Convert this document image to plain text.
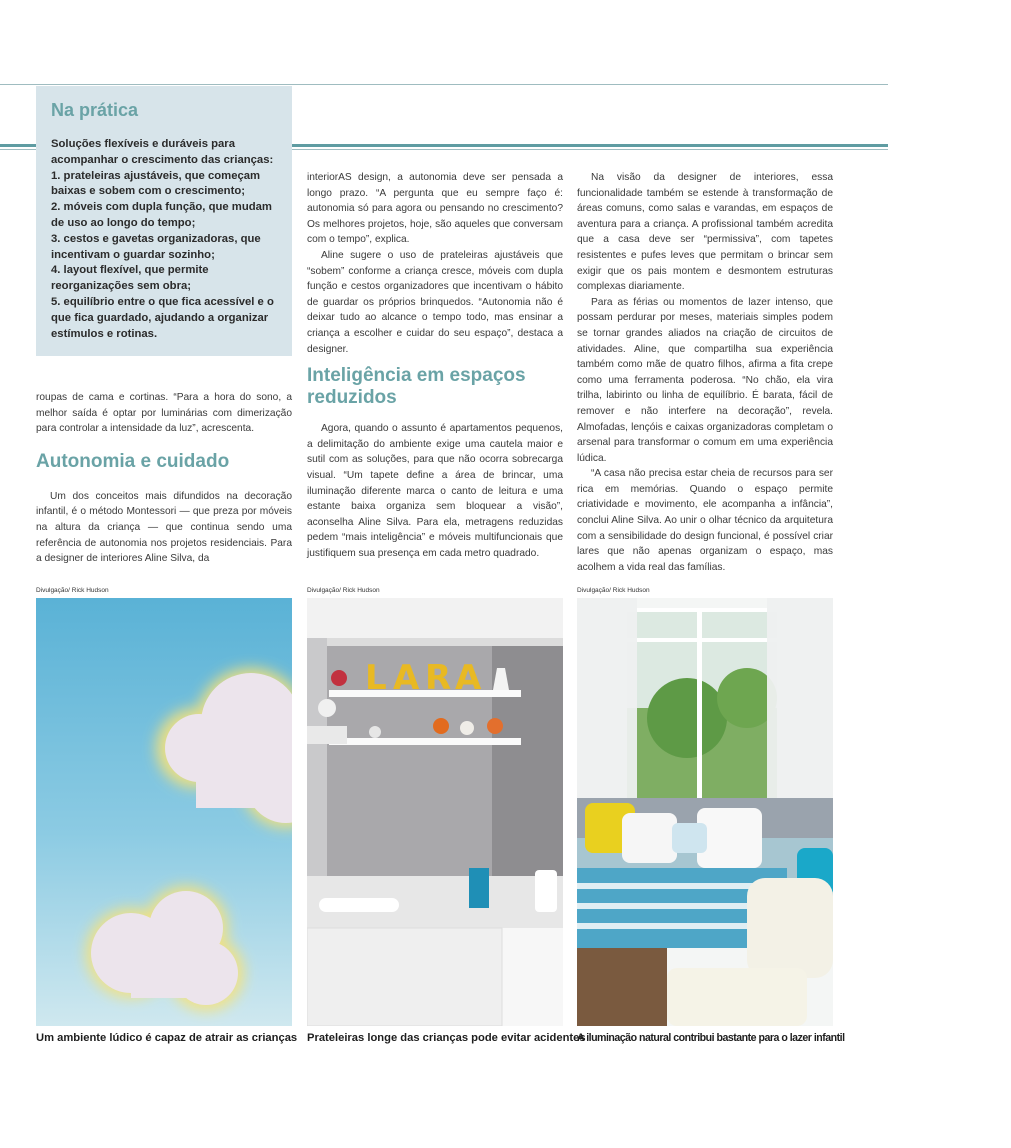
Na prática

Soluções flexíveis e duráveis para acompanhar o crescimento das crianças:

1. prateleiras ajustáveis, que começam baixas e sobem com o crescimento;
2. móveis com dupla função, que mudam de uso ao longo do tempo;
3. cestos e gavetas organizadoras, que incentivam o guardar sozinho;
4. layout flexível, que permite reorganizações sem obra;
5. equilíbrio entre o que fica acessível e o que fica guardado, ajudando a organizar estímulos e rotinas.

roupas de cama e cortinas. “Para a hora do sono, a melhor saída é optar por luminárias com dimerização para controlar a intensidade da luz”, acrescenta.

Autonomia e cuidado

Um dos conceitos mais difundidos na decoração infantil, é o método Montessori — que preza por móveis na altura da criança — que continua sendo uma referência de autonomia nos projetos residenciais. Para a designer de interiores Aline Silva, da

interiorAS design, a autonomia deve ser pensada a longo prazo. “A pergunta que eu sempre faço é: autonomia só para agora ou pensando no crescimento? Os melhores projetos, hoje, são aqueles que conversam com o tempo”, explica.

Aline sugere o uso de prateleiras ajustáveis que “sobem” conforme a criança cresce, móveis com dupla função e cestos organizadores que incentivam o hábito de guardar os próprios brinquedos. “Autonomia não é deixar tudo ao alcance o tempo todo, mas ensinar a criança a escolher e cuidar do seu espaço”, destaca a designer.

Inteligência em espaços reduzidos

Agora, quando o assunto é apartamentos pequenos, a delimitação do ambiente exige uma cautela maior e sutil com as soluções, para que não ocorra sobrecarga visual. “Um tapete define a área de brincar, uma iluminação diferente marca o canto de leitura e uma estante baixa organiza sem bloquear a visão”, aconselha Aline Silva. Para ela, metragens reduzidas pedem “mais inteligência” e móveis multifuncionais que justifiquem sua presença em cada metro quadrado.

Na visão da designer de interiores, essa funcionalidade também se estende à transformação de áreas comuns, como salas e varandas, em espaços de aventura para a criança. A profissional também acredita que a casa deve ser “permissiva”, com tapetes resistentes e pufes leves que permitam o brincar sem exigir que os pais montem e desmontem estruturas complexas diariamente.

Para as férias ou momentos de lazer intenso, que possam perdurar por meses, materiais simples podem se tornar grandes aliados na criação de circuitos de atividades. Aline, que compartilha sua experiência também como mãe de quatro filhos, afirma a fita crepe como uma ferramenta poderosa. “No chão, ela vira trilha, labirinto ou linha de equilíbrio. É barata, fácil de remover e não interfere na decoração”, revela. Almofadas, lençóis e caixas organizadoras completam o arsenal para transformar o comum em uma experiência lúdica.

“A casa não precisa estar cheia de recursos para ser rica em memórias. Quando o espaço permite criatividade e movimento, ele acompanha a infância”, conclui Aline Silva. Ao unir o olhar técnico da arquitetura com a sensibilidade do design funcional, é possível criar lares que não apenas organizam o espaço, mas acolhem a vida real das famílias.

Divulgação/ Rick Hudson
Um ambiente lúdico é capaz de atrair as crianças
Divulgação/ Rick Hudson
L A R A
Prateleiras longe das crianças pode evitar acidentes
Divulgação/ Rick Hudson
A iluminação natural contribui bastante para o lazer infantil
